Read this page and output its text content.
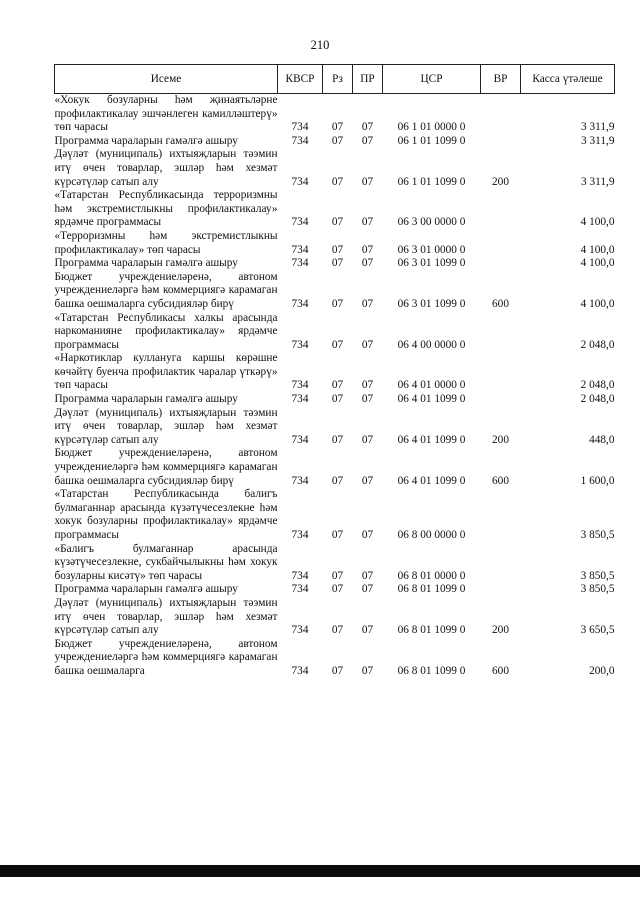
210
Исеме	КВСР	Рз	ПР	ЦСР	ВР	Касса үтәлеше
«Хокук бозуларны һәм җинаятьләрне профилактикалау эшчәнлеген камилләштерү» төп чарасы	734	07	07	06 1 01 0000 0		3 311,9
Программа чараларын гамәлгә ашыру	734	07	07	06 1 01 1099 0		3 311,9
Дәүләт (муниципаль) ихтыяҗларын тәэмин итү өчен товарлар, эшләр һәм хезмәт күрсәтүләр сатып алу	734	07	07	06 1 01 1099 0	200	3 311,9
«Татарстан Республикасында терроризмны һәм экстремистлыкны профилактикалау» ярдәмче программасы	734	07	07	06 3 00 0000 0		4 100,0
«Терроризмны һәм экстремистлыкны профилактикалау» төп чарасы	734	07	07	06 3 01 0000 0		4 100,0
Программа чараларын гамәлгә ашыру	734	07	07	06 3 01 1099 0		4 100,0
Бюджет учреждениеләренә, автоном учреждениеләргә һәм коммерциягә карамаган башка оешмаларга субсидияләр бирү	734	07	07	06 3 01 1099 0	600	4 100,0
«Татарстан Республикасы халкы арасында наркоманияне профилактикалау» ярдәмче программасы	734	07	07	06 4 00 0000 0		2 048,0
«Наркотиклар куллануга каршы көрәшне көчәйтү буенча профилактик чаралар үткәрү» төп чарасы	734	07	07	06 4 01 0000 0		2 048,0
Программа чараларын гамәлгә ашыру	734	07	07	06 4 01 1099 0		2 048,0
Дәүләт (муниципаль) ихтыяҗларын тәэмин итү өчен товарлар, эшләр һәм хезмәт күрсәтүләр сатып алу	734	07	07	06 4 01 1099 0	200	448,0
Бюджет учреждениеләренә, автоном учреждениеләргә һәм коммерциягә карамаган башка оешмаларга субсидияләр бирү	734	07	07	06 4 01 1099 0	600	1 600,0
«Татарстан Республикасында балигъ булмаганнар арасында күзәтүчесезлекне һәм хокук бозуларны профилактикалау» ярдәмче программасы	734	07	07	06 8 00 0000 0		3 850,5
«Балигъ булмаганнар арасында күзәтүчесезлекне, сукбайчылыкны һәм хокук бозуларны кисәтү» төп чарасы	734	07	07	06 8 01 0000 0		3 850,5
Программа чараларын гамәлгә ашыру	734	07	07	06 8 01 1099 0		3 850,5
Дәүләт (муниципаль) ихтыяҗларын тәэмин итү өчен товарлар, эшләр һәм хезмәт күрсәтүләр сатып алу	734	07	07	06 8 01 1099 0	200	3 650,5
Бюджет учреждениеләренә, автоном учреждениеләргә һәм коммерциягә карамаган башка оешмаларга	734	07	07	06 8 01 1099 0	600	200,0
